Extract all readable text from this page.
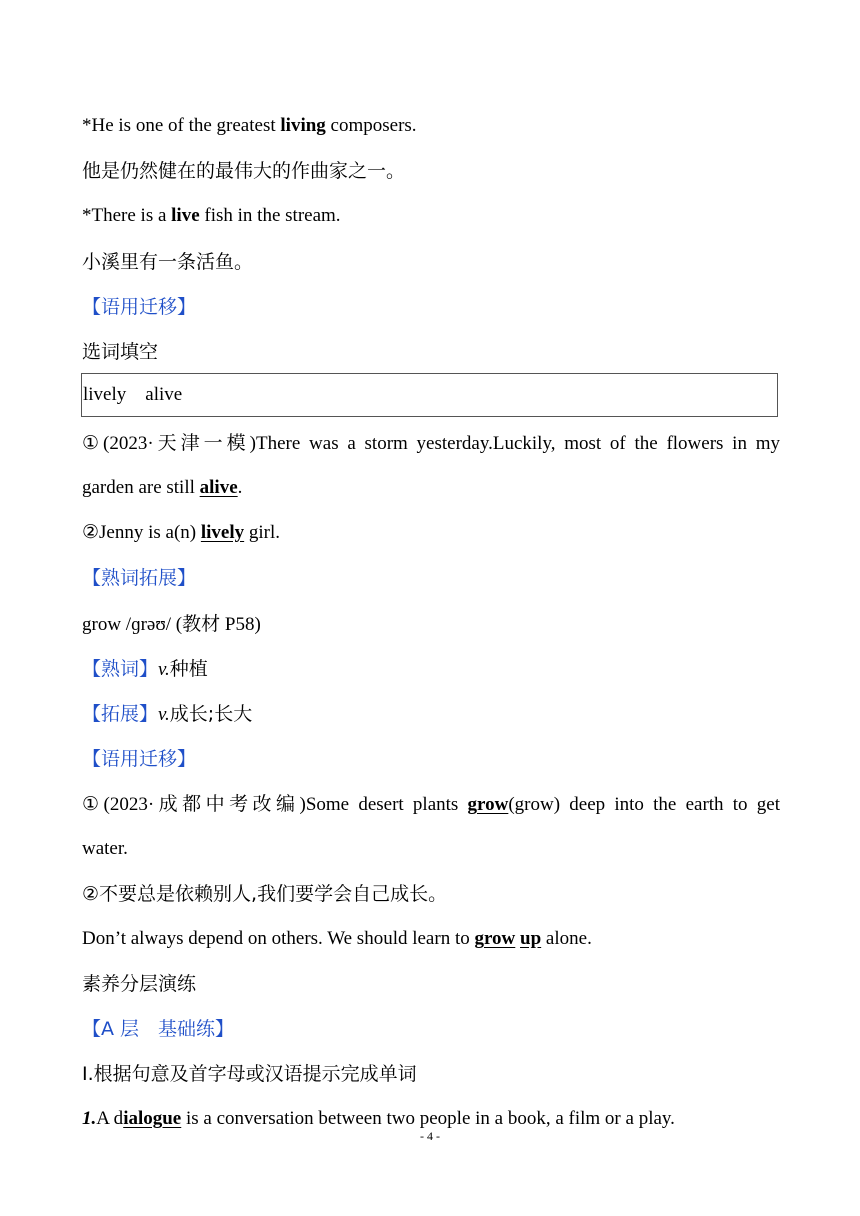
*He is one of the greatest living composers.
他是仍然健在的最伟大的作曲家之一。
*There is a live fish in the stream.
小溪里有一条活鱼。
【语用迁移】
选词填空
lively    alive
①(2023·天津一模)There was a storm yesterday.Luckily, most of the flowers in my
garden are still alive.
②Jenny is a(n) lively girl.
【熟词拓展】
grow /ɡrəʊ/ (教材 P58)
【熟词】v.种植
【拓展】v.成长;长大
【语用迁移】
①(2023·成都中考改编)Some desert plants grow(grow) deep into the earth to get
water.
②不要总是依赖别人,我们要学会自己成长。
Don’t always depend on others. We should learn to grow up alone.
素养分层演练
【A 层　基础练】
Ⅰ.根据句意及首字母或汉语提示完成单词
1.A dialogue is a conversation between two people in a book, a film or a play.
- 4 -
